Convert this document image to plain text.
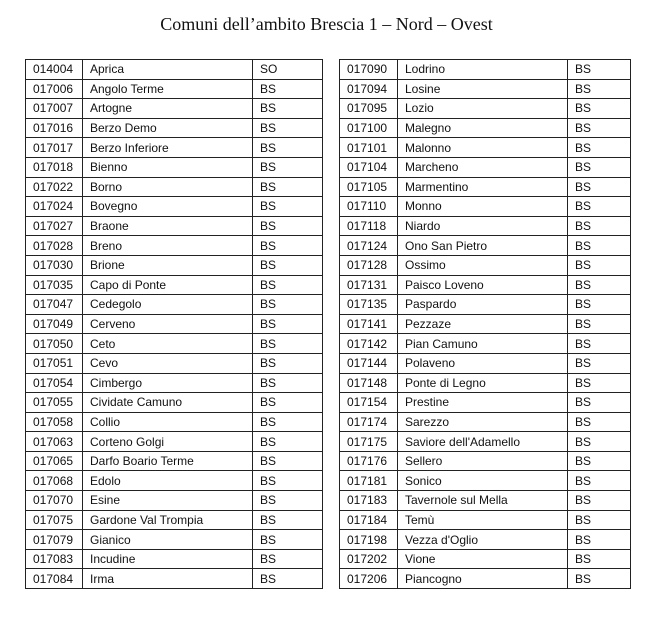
Comuni dell’ambito Brescia 1 – Nord – Ovest
014004	Aprica	SO
017006	Angolo Terme	BS
017007	Artogne	BS
017016	Berzo Demo	BS
017017	Berzo Inferiore	BS
017018	Bienno	BS
017022	Borno	BS
017024	Bovegno	BS
017027	Braone	BS
017028	Breno	BS
017030	Brione	BS
017035	Capo di Ponte	BS
017047	Cedegolo	BS
017049	Cerveno	BS
017050	Ceto	BS
017051	Cevo	BS
017054	Cimbergo	BS
017055	Cividate Camuno	BS
017058	Collio	BS
017063	Corteno Golgi	BS
017065	Darfo Boario Terme	BS
017068	Edolo	BS
017070	Esine	BS
017075	Gardone Val Trompia	BS
017079	Gianico	BS
017083	Incudine	BS
017084	Irma	BS
017090	Lodrino	BS
017094	Losine	BS
017095	Lozio	BS
017100	Malegno	BS
017101	Malonno	BS
017104	Marcheno	BS
017105	Marmentino	BS
017110	Monno	BS
017118	Niardo	BS
017124	Ono San Pietro	BS
017128	Ossimo	BS
017131	Paisco Loveno	BS
017135	Paspardo	BS
017141	Pezzaze	BS
017142	Pian Camuno	BS
017144	Polaveno	BS
017148	Ponte di Legno	BS
017154	Prestine	BS
017174	Sarezzo	BS
017175	Saviore dell'Adamello	BS
017176	Sellero	BS
017181	Sonico	BS
017183	Tavernole sul Mella	BS
017184	Temù	BS
017198	Vezza d'Oglio	BS
017202	Vione	BS
017206	Piancogno	BS
